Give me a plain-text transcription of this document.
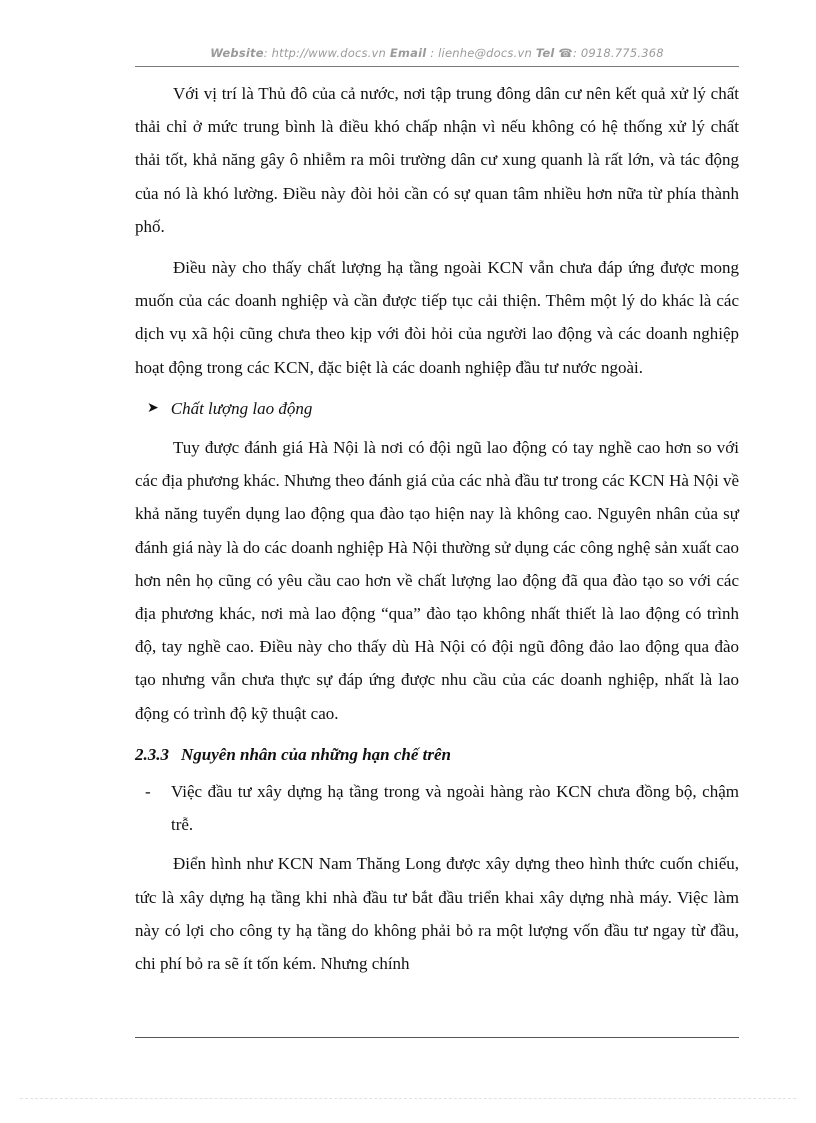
Website: http://www.docs.vn Email : lienhe@docs.vn Tel ☎: 0918.775.368

Với vị trí là Thủ đô của cả nước, nơi tập trung đông dân cư nên kết quả xử lý chất thải chỉ ở mức trung bình là điều khó chấp nhận vì nếu không có hệ thống xử lý chất thải tốt, khả năng gây ô nhiễm ra môi trường dân cư xung quanh là rất lớn, và tác động của nó là khó lường. Điều này đòi hỏi cần có sự quan tâm nhiều hơn nữa từ phía thành phố.

Điều này cho thấy chất lượng hạ tầng ngoài KCN vẫn chưa đáp ứng được mong muốn của các doanh nghiệp và cần được tiếp tục cải thiện. Thêm một lý do khác là các dịch vụ xã hội cũng chưa theo kịp với đòi hỏi của người lao động và các doanh nghiệp hoạt động trong các KCN, đặc biệt là các doanh nghiệp đầu tư nước ngoài.

➤ Chất lượng lao động

Tuy được đánh giá Hà Nội là nơi có đội ngũ lao động có tay nghề cao hơn so với các địa phương khác. Nhưng theo đánh giá của các nhà đầu tư trong các KCN Hà Nội về khả năng tuyển dụng lao động qua đào tạo hiện nay là không cao. Nguyên nhân của sự đánh giá này là do các doanh nghiệp Hà Nội thường sử dụng các công nghệ sản xuất cao hơn nên họ cũng có yêu cầu cao hơn về chất lượng lao động đã qua đào tạo so với các địa phương khác, nơi mà lao động “qua” đào tạo không nhất thiết là lao động có trình độ, tay nghề cao. Điều này cho thấy dù Hà Nội có đội ngũ đông đảo lao động qua đào tạo nhưng vẫn chưa thực sự đáp ứng được nhu cầu của các doanh nghiệp, nhất là lao động có trình độ kỹ thuật cao.

2.3.3 Nguyên nhân của những hạn chế trên
-	Việc đầu tư xây dựng hạ tầng trong và ngoài hàng rào KCN chưa đồng bộ, chậm trễ.

Điển hình như KCN Nam Thăng Long được xây dựng theo hình thức cuốn chiếu, tức là xây dựng hạ tầng khi nhà đầu tư bắt đầu triển khai xây dựng nhà máy. Việc làm này có lợi cho công ty hạ tầng do không phải bỏ ra một lượng vốn đầu tư ngay từ đầu, chi phí bỏ ra sẽ ít tốn kém. Nhưng chính
